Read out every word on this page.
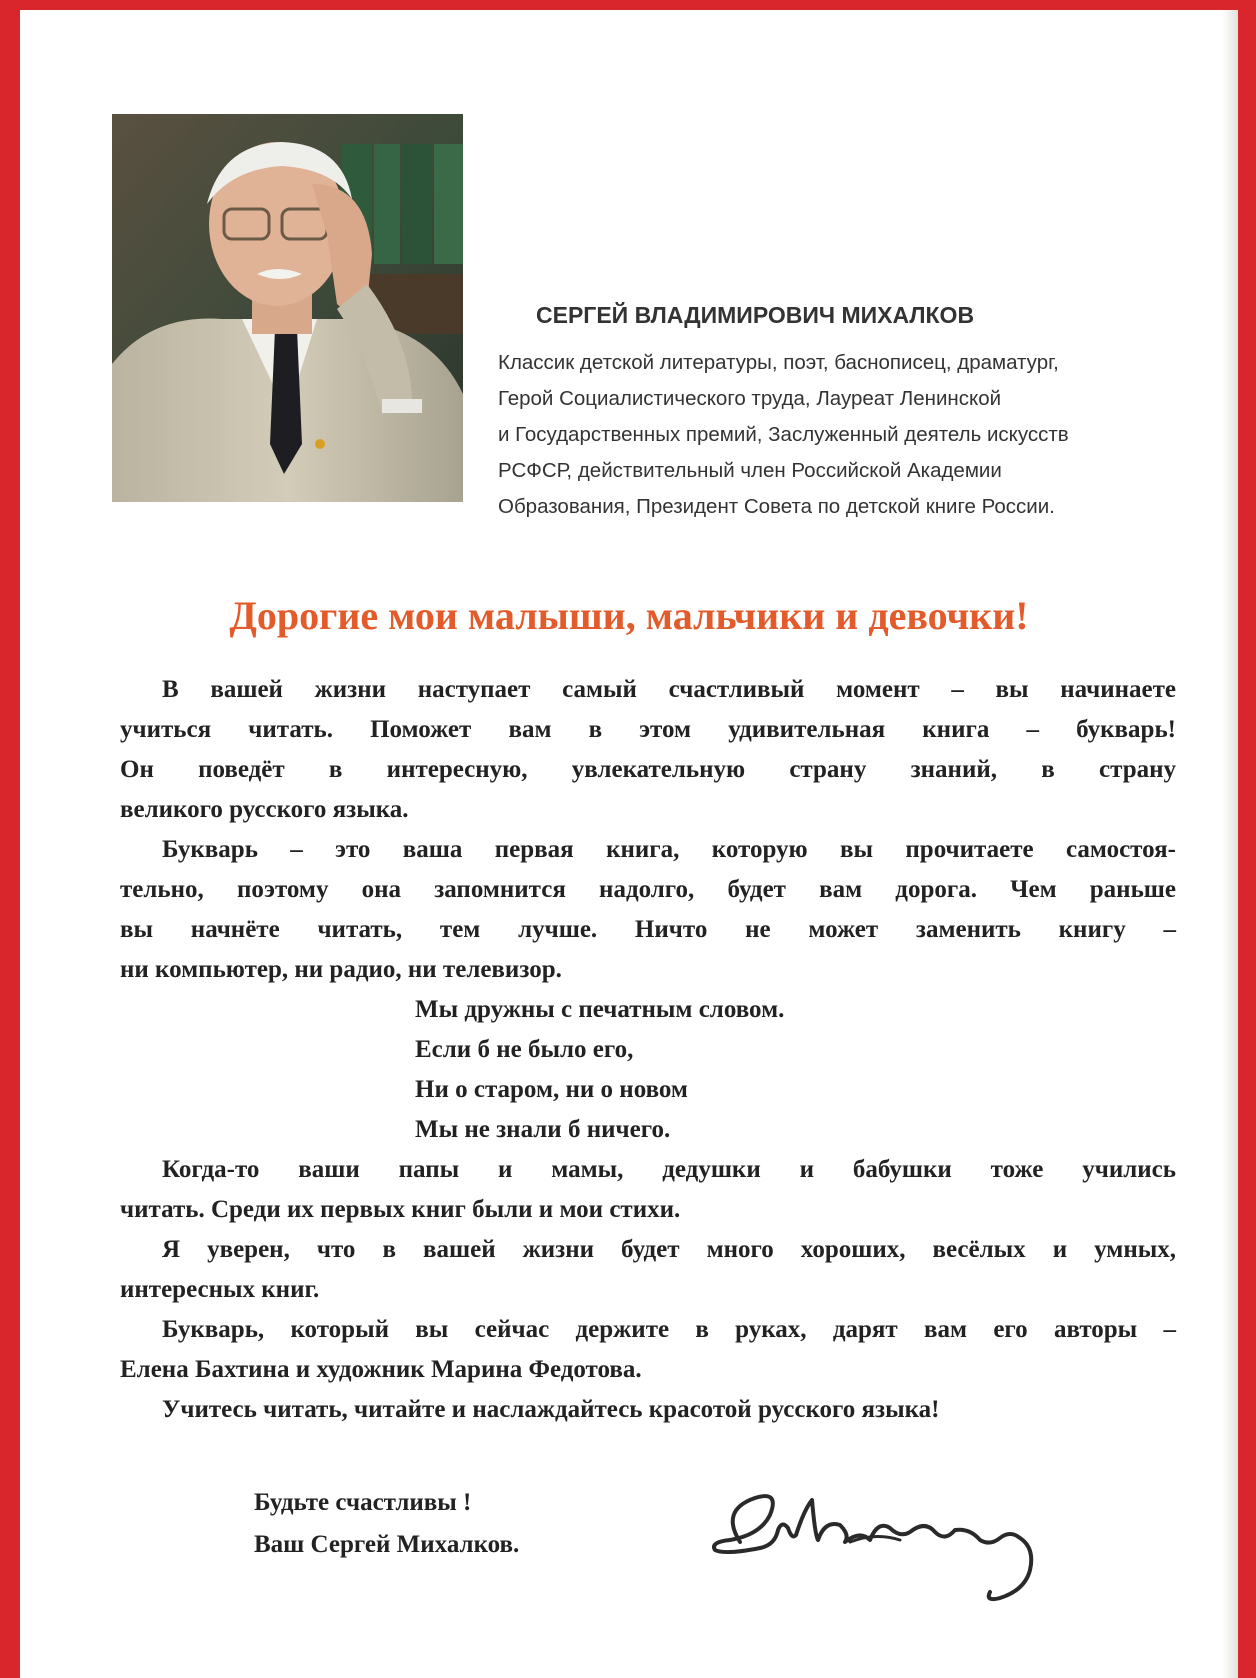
СЕРГЕЙ ВЛАДИМИРОВИЧ МИХАЛКОВ
Классик детской литературы, поэт, баснописец, драматург,
Герой Социалистического труда, Лауреат Ленинской
и Государственных премий, Заслуженный деятель искусств
РСФСР, действительный член Российской Академии
Образования, Президент Совета по детской книге России.
Дорогие мои малыши, мальчики и девочки!
В вашей жизни наступает самый счастливый момент – вы начинаете
учиться читать. Поможет вам в этом удивительная книга – букварь!
Он поведёт в интересную, увлекательную страну знаний, в страну
великого русского языка.
Букварь – это ваша первая книга, которую вы прочитаете самостоя-
тельно, поэтому она запомнится надолго, будет вам дорога. Чем раньше
вы начнёте читать, тем лучше. Ничто не может заменить книгу –
ни компьютер, ни радио, ни телевизор.
Мы дружны с печатным словом.
Если б не было его,
Ни о старом, ни о новом
Мы не знали б ничего.
Когда-то ваши папы и мамы, дедушки и бабушки тоже учились
читать. Среди их первых книг были и мои стихи.
Я уверен, что в вашей жизни будет много хороших, весёлых и умных,
интересных книг.
Букварь, который вы сейчас держите в руках, дарят вам его авторы –
Елена Бахтина и художник Марина Федотова.
Учитесь читать, читайте и наслаждайтесь красотой русского языка!
Будьте счастливы !
Ваш Сергей Михалков.
